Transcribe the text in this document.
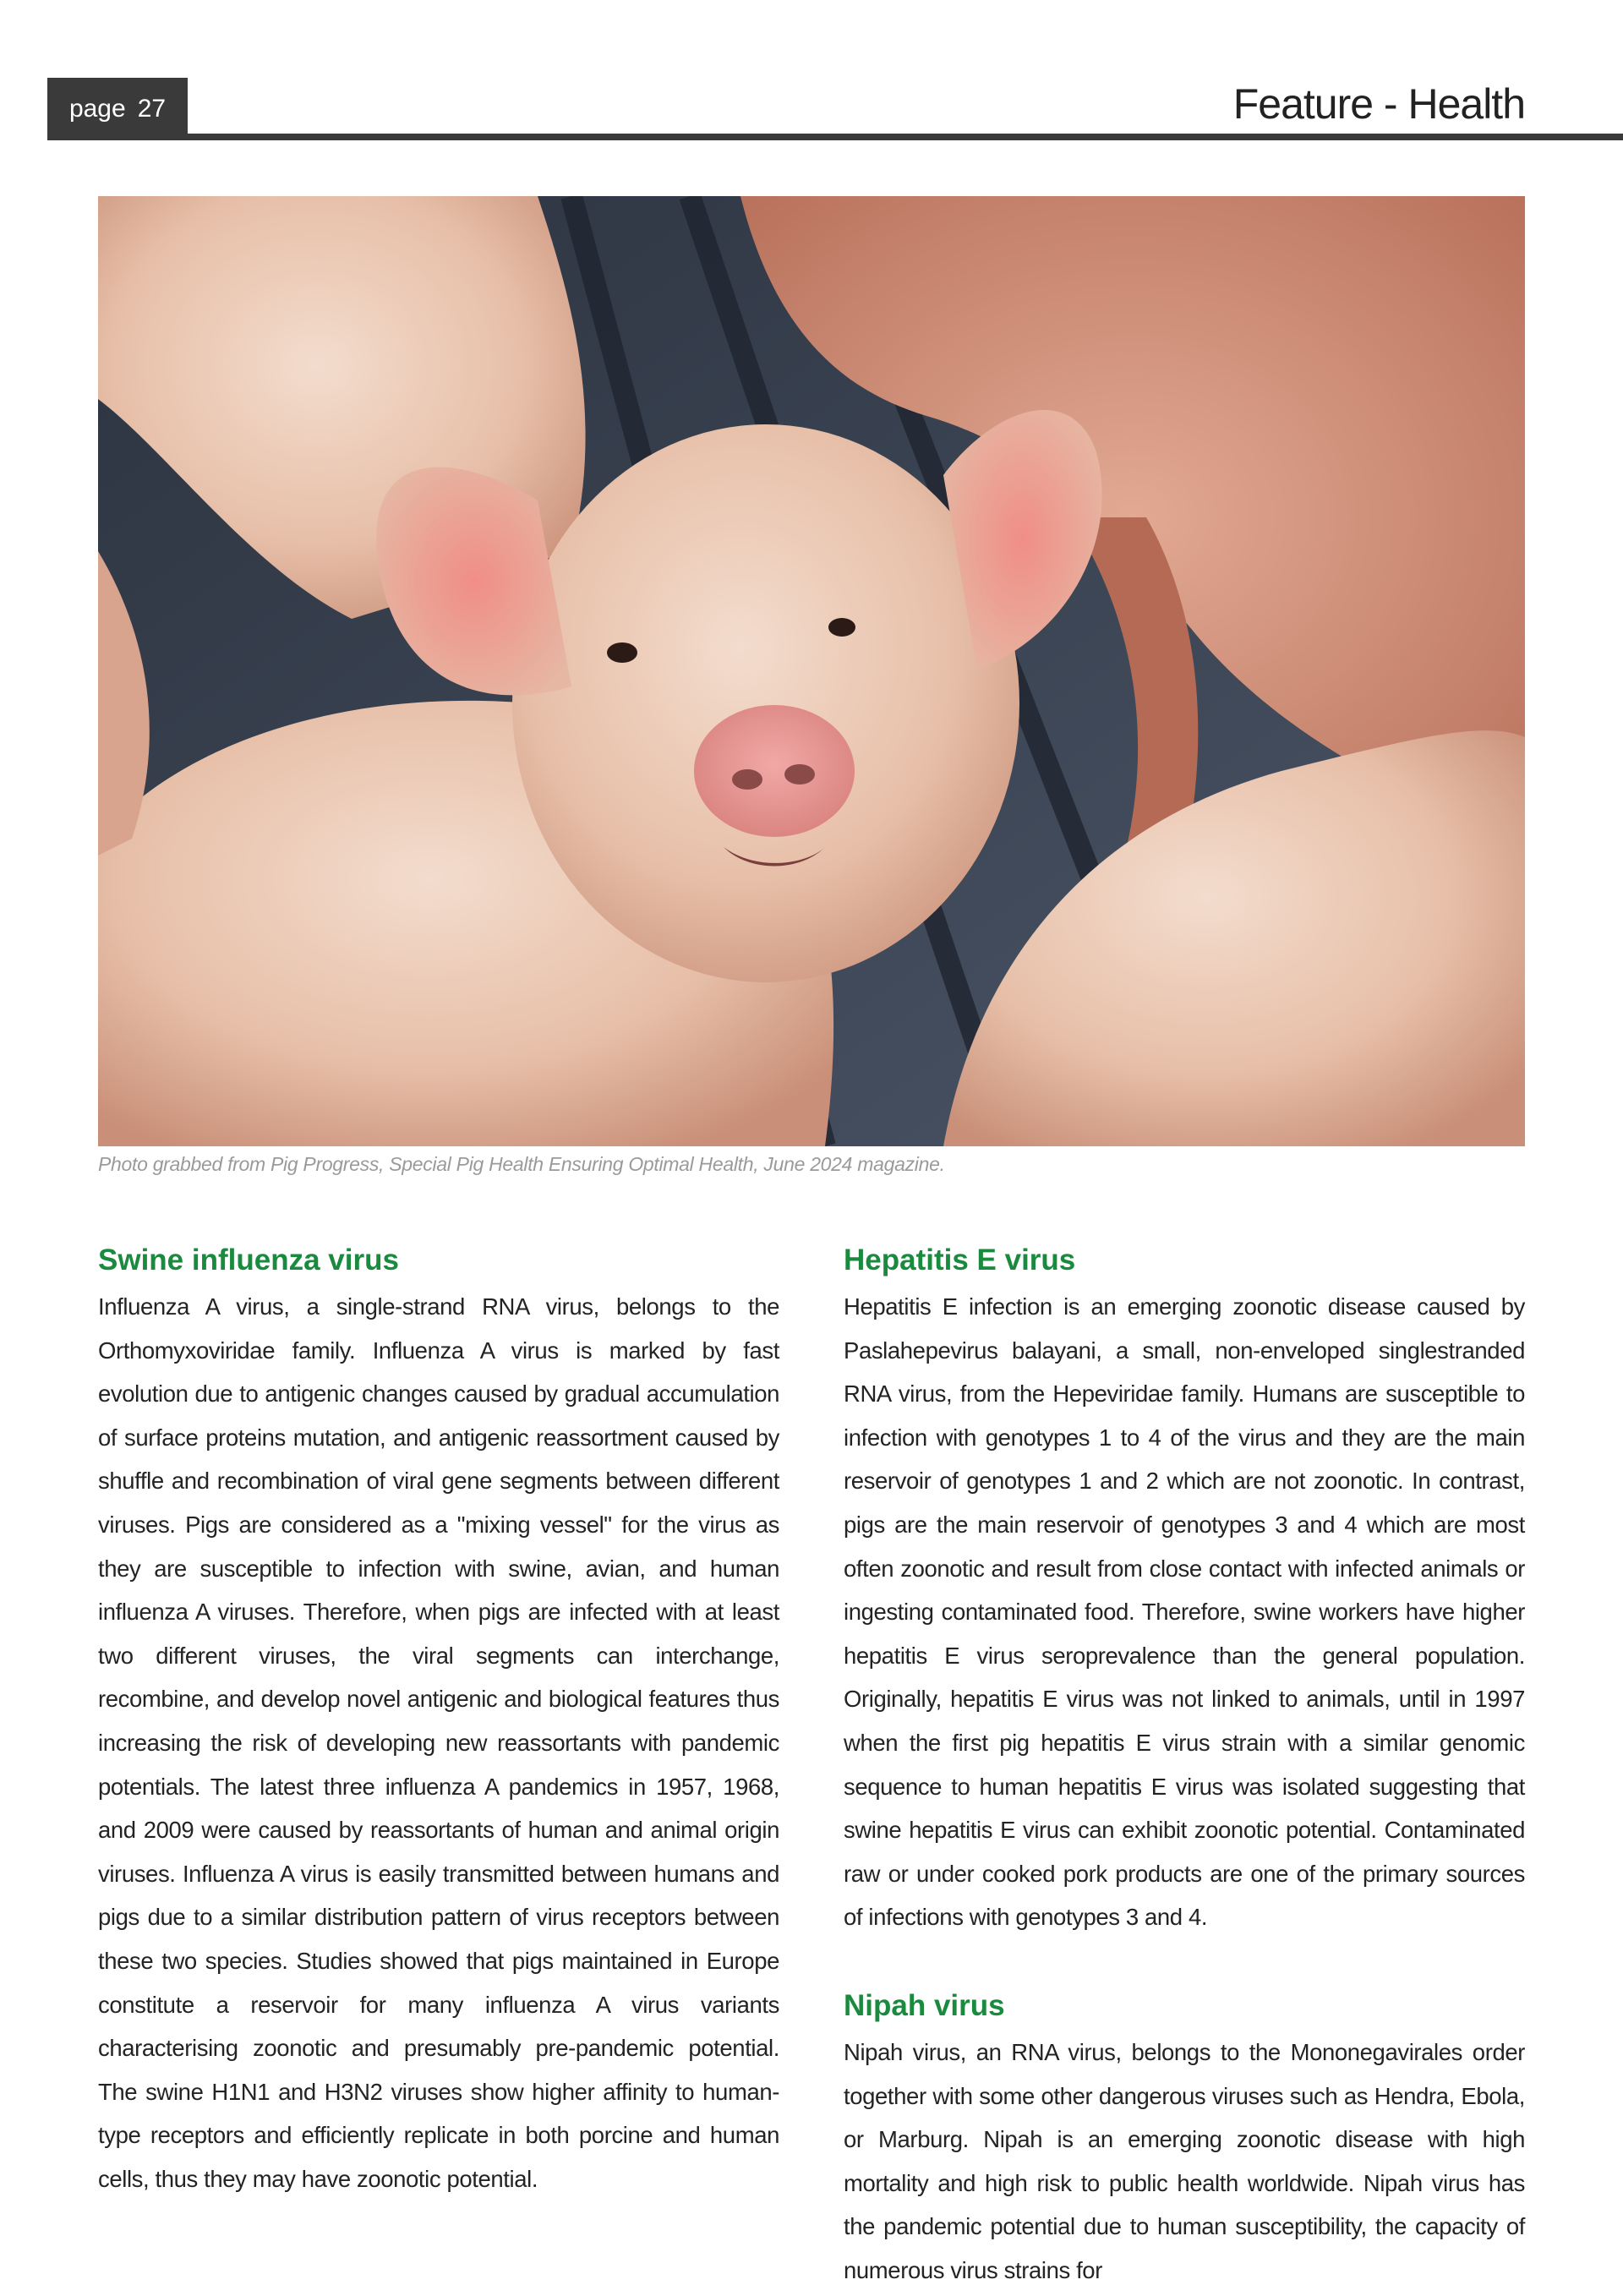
page 27	Feature - Health
Photo grabbed from Pig Progress, Special Pig Health Ensuring Optimal Health, June 2024 magazine.
Swine influenza virus

Influenza A virus, a single-strand RNA virus, belongs to the Orthomyxoviridae family. Influenza A virus is marked by fast evolution due to antigenic changes caused by gradual accumulation of surface proteins mutation, and antigenic reassortment caused by shuffle and recombination of viral gene segments between different viruses. Pigs are considered as a "mixing vessel" for the virus as they are susceptible to infection with swine, avian, and human influenza A viruses. Therefore, when pigs are infected with at least two different viruses, the viral segments can interchange, recombine, and develop novel antigenic and biological features thus increasing the risk of developing new reassortants with pandemic potentials. The latest three influenza A pandemics in 1957, 1968, and 2009 were caused by reassortants of human and animal origin viruses. Influenza A virus is easily transmitted between humans and pigs due to a similar distribution pattern of virus receptors between these two species. Studies showed that pigs maintained in Europe constitute a reservoir for many influenza A virus variants characterising zoonotic and presumably pre-pandemic potential. The swine H1N1 and H3N2 viruses show higher affinity to human-type receptors and efficiently replicate in both porcine and human cells, thus they may have zoonotic potential.

Hepatitis E virus

Hepatitis E infection is an emerging zoonotic disease caused by Paslahepevirus balayani, a small, non-enveloped singlestranded RNA virus, from the Hepeviridae family. Humans are susceptible to infection with genotypes 1 to 4 of the virus and they are the main reservoir of genotypes 1 and 2 which are not zoonotic. In contrast, pigs are the main reservoir of genotypes 3 and 4 which are most often zoonotic and result from close contact with infected animals or ingesting contaminated food. Therefore, swine workers have higher hepatitis E virus seroprevalence than the general population. Originally, hepatitis E virus was not linked to animals, until in 1997 when the first pig hepatitis E virus strain with a similar genomic sequence to human hepatitis E virus was isolated suggesting that swine hepatitis E virus can exhibit zoonotic potential. Contaminated raw or under cooked pork products are one of the primary sources of infections with genotypes 3 and 4.

Nipah virus

Nipah virus, an RNA virus, belongs to the Mononegavirales order together with some other dangerous viruses such as Hendra, Ebola, or Marburg. Nipah is an emerging zoonotic disease with high mortality and high risk to public health worldwide. Nipah virus has the pandemic potential due to human susceptibility, the capacity of numerous virus strains for
